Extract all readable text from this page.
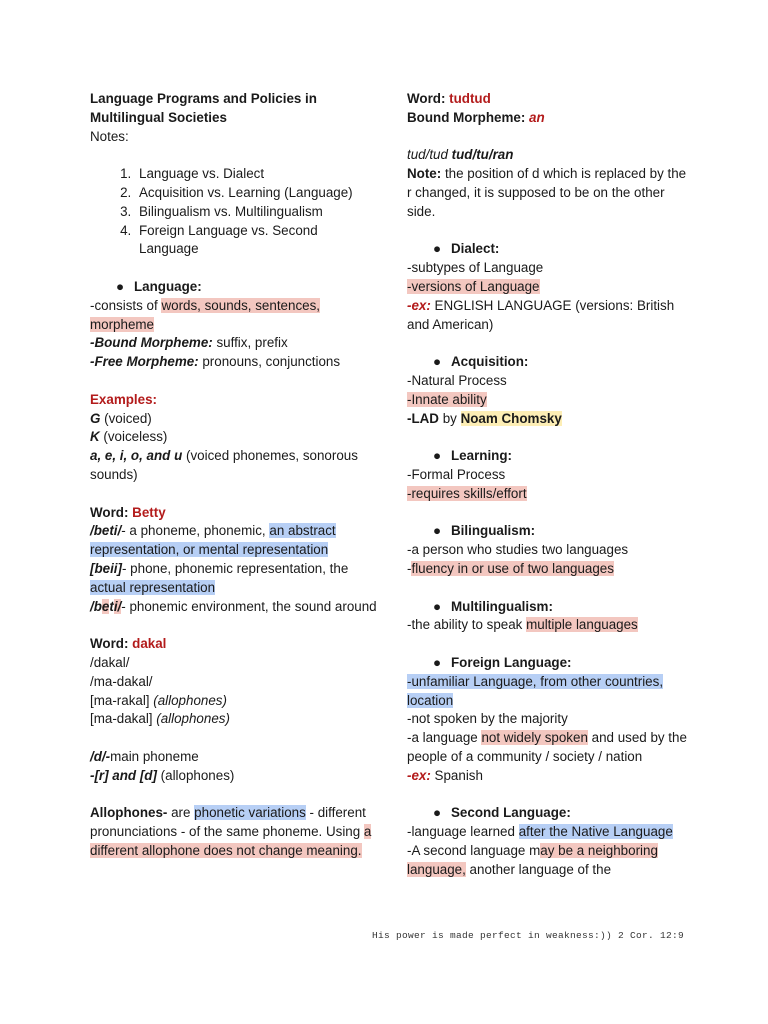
Language Programs and Policies in

Multilingual Societies

Notes:

1. Language vs. Dialect
2. Acquisition vs. Learning (Language)
3. Bilingualism vs. Multilingualism
4. Foreign Language vs. Second Language
● Language:

-consists of words, sounds, sentences, morpheme

-Bound Morpheme: suffix, prefix

-Free Morpheme: pronouns, conjunctions

Examples:

G (voiced)

K (voiceless)

a, e, i, o, and u (voiced phonemes, sonorous sounds)

Word: Betty

/beti/- a phoneme, phonemic, an abstract representation, or mental representation

[beii]- phone, phonemic representation, the actual representation

/beti/- phonemic environment, the sound around

Word: dakal

/dakal/

/ma-dakal/

[ma-rakal] (allophones)

[ma-dakal] (allophones)

/d/-main phoneme

-[r] and [d] (allophones)

Allophones- are phonetic variations - different pronunciations - of the same phoneme. Using a different allophone does not change meaning.

Word: tudtud

Bound Morpheme: an

tud/tud tud/tu/ran

Note: the position of d which is replaced by the r changed, it is supposed to be on the other side.

● Dialect:

-subtypes of Language

-versions of Language

-ex: ENGLISH LANGUAGE (versions: British and American)

● Acquisition:

-Natural Process

-Innate ability

-LAD by Noam Chomsky

● Learning:

-Formal Process

-requires skills/effort

● Bilingualism:

-a person who studies two languages

-fluency in or use of two languages

● Multilingualism:

-the ability to speak multiple languages

● Foreign Language:

-unfamiliar Language, from other countries, location

-not spoken by the majority

-a language not widely spoken and used by the people of a community / society / nation

-ex: Spanish

● Second Language:

-language learned after the Native Language

-A second language may be a neighboring language, another language of the

His power is made perfect in weakness:)) 2 Cor. 12:9
